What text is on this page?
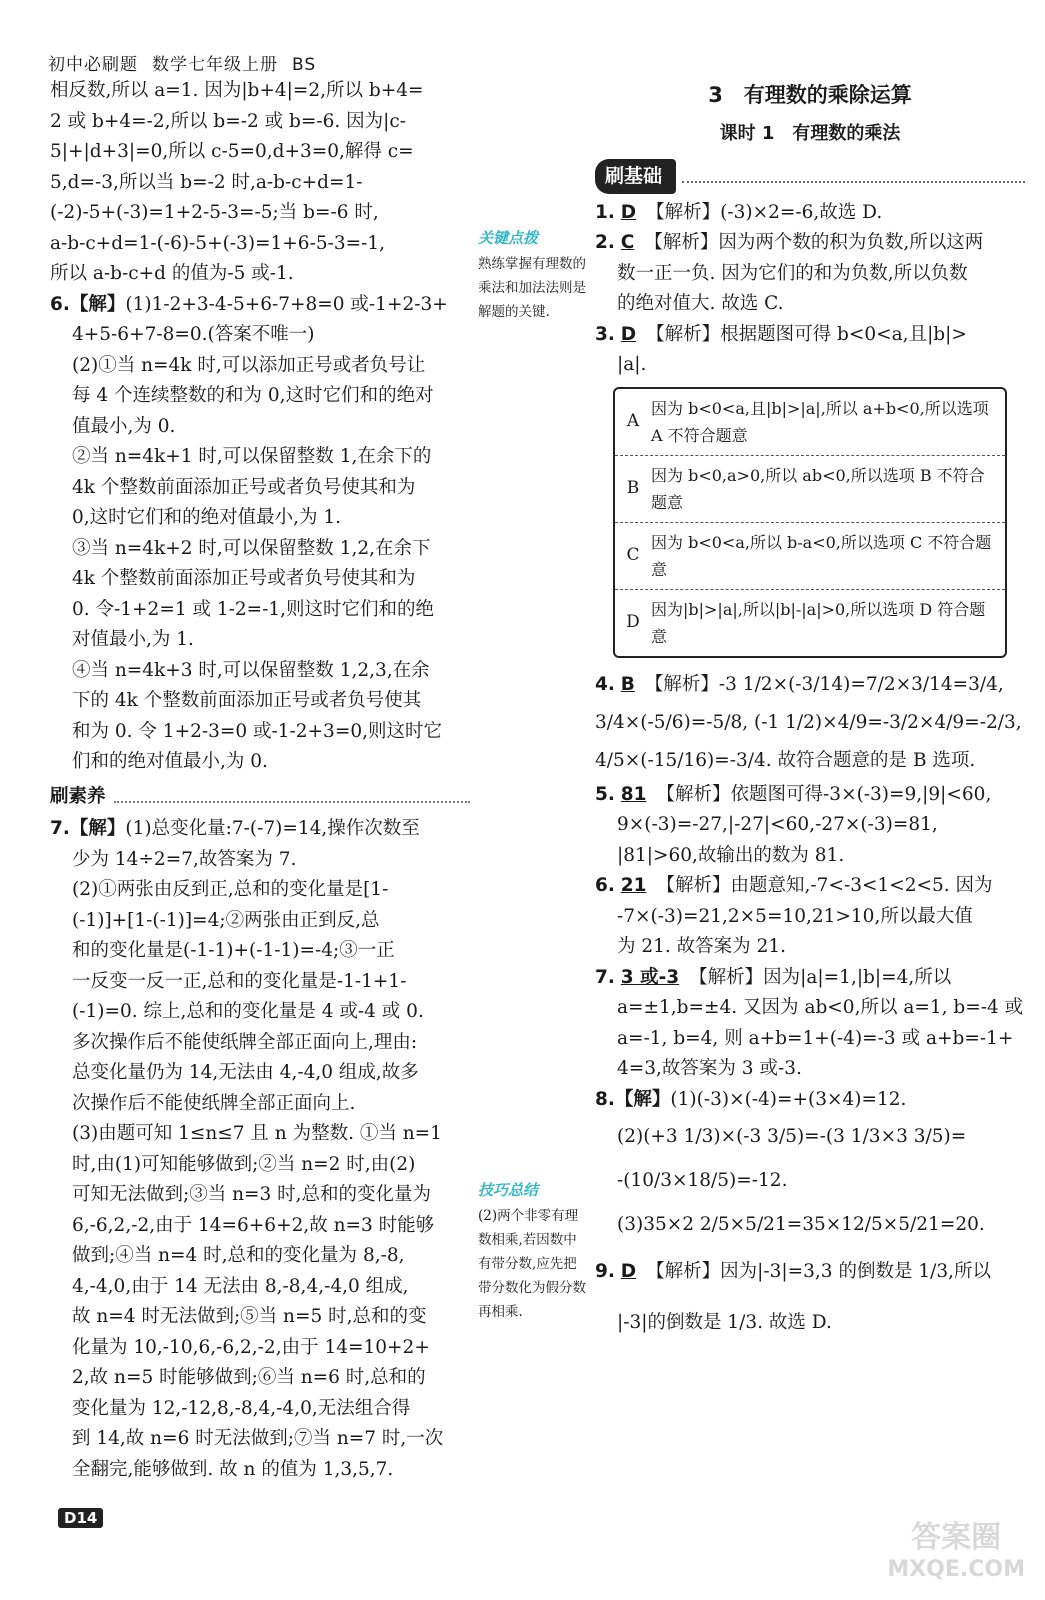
初中必刷题 数学七年级上册 BS

相反数,所以 a=1. 因为|b+4|=2,所以 b+4=

2 或 b+4=-2,所以 b=-2 或 b=-6. 因为|c-

5|+|d+3|=0,所以 c-5=0,d+3=0,解得 c=

5,d=-3,所以当 b=-2 时,a-b-c+d=1-

(-2)-5+(-3)=1+2-5-3=-5;当 b=-6 时,

a-b-c+d=1-(-6)-5+(-3)=1+6-5-3=-1,

所以 a-b-c+d 的值为-5 或-1.

6.【解】(1)1-2+3-4-5+6-7+8=0 或-1+2-3+

4+5-6+7-8=0.(答案不唯一)

(2)①当 n=4k 时,可以添加正号或者负号让

每 4 个连续整数的和为 0,这时它们和的绝对

值最小,为 0.

②当 n=4k+1 时,可以保留整数 1,在余下的

4k 个整数前面添加正号或者负号使其和为

0,这时它们和的绝对值最小,为 1.

③当 n=4k+2 时,可以保留整数 1,2,在余下

4k 个整数前面添加正号或者负号使其和为

0. 令-1+2=1 或 1-2=-1,则这时它们和的绝

对值最小,为 1.

④当 n=4k+3 时,可以保留整数 1,2,3,在余

下的 4k 个整数前面添加正号或者负号使其

和为 0. 令 1+2-3=0 或-1-2+3=0,则这时它

们和的绝对值最小,为 0.

刷素养

7.【解】(1)总变化量:7-(-7)=14,操作次数至

少为 14÷2=7,故答案为 7.

(2)①两张由反到正,总和的变化量是[1-

(-1)]+[1-(-1)]=4;②两张由正到反,总

和的变化量是(-1-1)+(-1-1)=-4;③一正

一反变一反一正,总和的变化量是-1-1+1-

(-1)=0. 综上,总和的变化量是 4 或-4 或 0.

多次操作后不能使纸牌全部正面向上,理由:

总变化量仍为 14,无法由 4,-4,0 组成,故多

次操作后不能使纸牌全部正面向上.

(3)由题可知 1≤n≤7 且 n 为整数. ①当 n=1

时,由(1)可知能够做到;②当 n=2 时,由(2)

可知无法做到;③当 n=3 时,总和的变化量为

6,-6,2,-2,由于 14=6+6+2,故 n=3 时能够

做到;④当 n=4 时,总和的变化量为 8,-8,

4,-4,0,由于 14 无法由 8,-8,4,-4,0 组成,

故 n=4 时无法做到;⑤当 n=5 时,总和的变

化量为 10,-10,6,-6,2,-2,由于 14=10+2+

2,故 n=5 时能够做到;⑥当 n=6 时,总和的

变化量为 12,-12,8,-8,4,-4,0,无法组合得

到 14,故 n=6 时无法做到;⑦当 n=7 时,一次

全翻完,能够做到. 故 n 的值为 1,3,5,7.

关键点拨
熟练掌握有理数的乘法和加法法则是解题的关键.
技巧总结
(2)两个非零有理数相乘,若因数中有带分数,应先把带分数化为假分数再相乘.
3　有理数的乘除运算
课时 1　有理数的乘法
刷基础

1. D 【解析】(-3)×2=-6,故选 D.

2. C 【解析】因为两个数的积为负数,所以这两

数一正一负. 因为它们的和为负数,所以负数

的绝对值大. 故选 C.

3. D 【解析】根据题图可得 b<0<a,且|b|>

|a|.

A
因为 b<0<a,且|b|>|a|,所以 a+b<0,所以选项 A 不符合题意
B
因为 b<0,a>0,所以 ab<0,所以选项 B 不符合题意
C
因为 b<0<a,所以 b-a<0,所以选项 C 不符合题意
D
因为|b|>|a|,所以|b|-|a|>0,所以选项 D 符合题意

4. B 【解析】-3 1/2×(-3/14)=7/2×3/14=3/4, 3/4×(-5/6)=-5/8, (-1 1/2)×4/9=-3/2×4/9=-2/3, 4/5×(-15/16)=-3/4. 故符合题意的是 B 选项.

5. 81 【解析】依题图可得-3×(-3)=9,|9|<60,

9×(-3)=-27,|-27|<60,-27×(-3)=81,

|81|>60,故输出的数为 81.

6. 21 【解析】由题意知,-7<-3<1<2<5. 因为

-7×(-3)=21,2×5=10,21>10,所以最大值

为 21. 故答案为 21.

7. 3 或-3 【解析】因为|a|=1,|b|=4,所以

a=±1,b=±4. 又因为 ab<0,所以 a=1, b=-4 或

a=-1, b=4, 则 a+b=1+(-4)=-3 或 a+b=-1+

4=3,故答案为 3 或-3.

8.【解】(1)(-3)×(-4)=+(3×4)=12.

(2)(+3 1/3)×(-3 3/5)=-(3 1/3×3 3/5)=

-(10/3×18/5)=-12.

(3)35×2 2/5×5/21=35×12/5×5/21=20.

9. D 【解析】因为|-3|=3,3 的倒数是 1/3,所以

|-3|的倒数是 1/3. 故选 D.

D14
答案圈
MXQE.COM
